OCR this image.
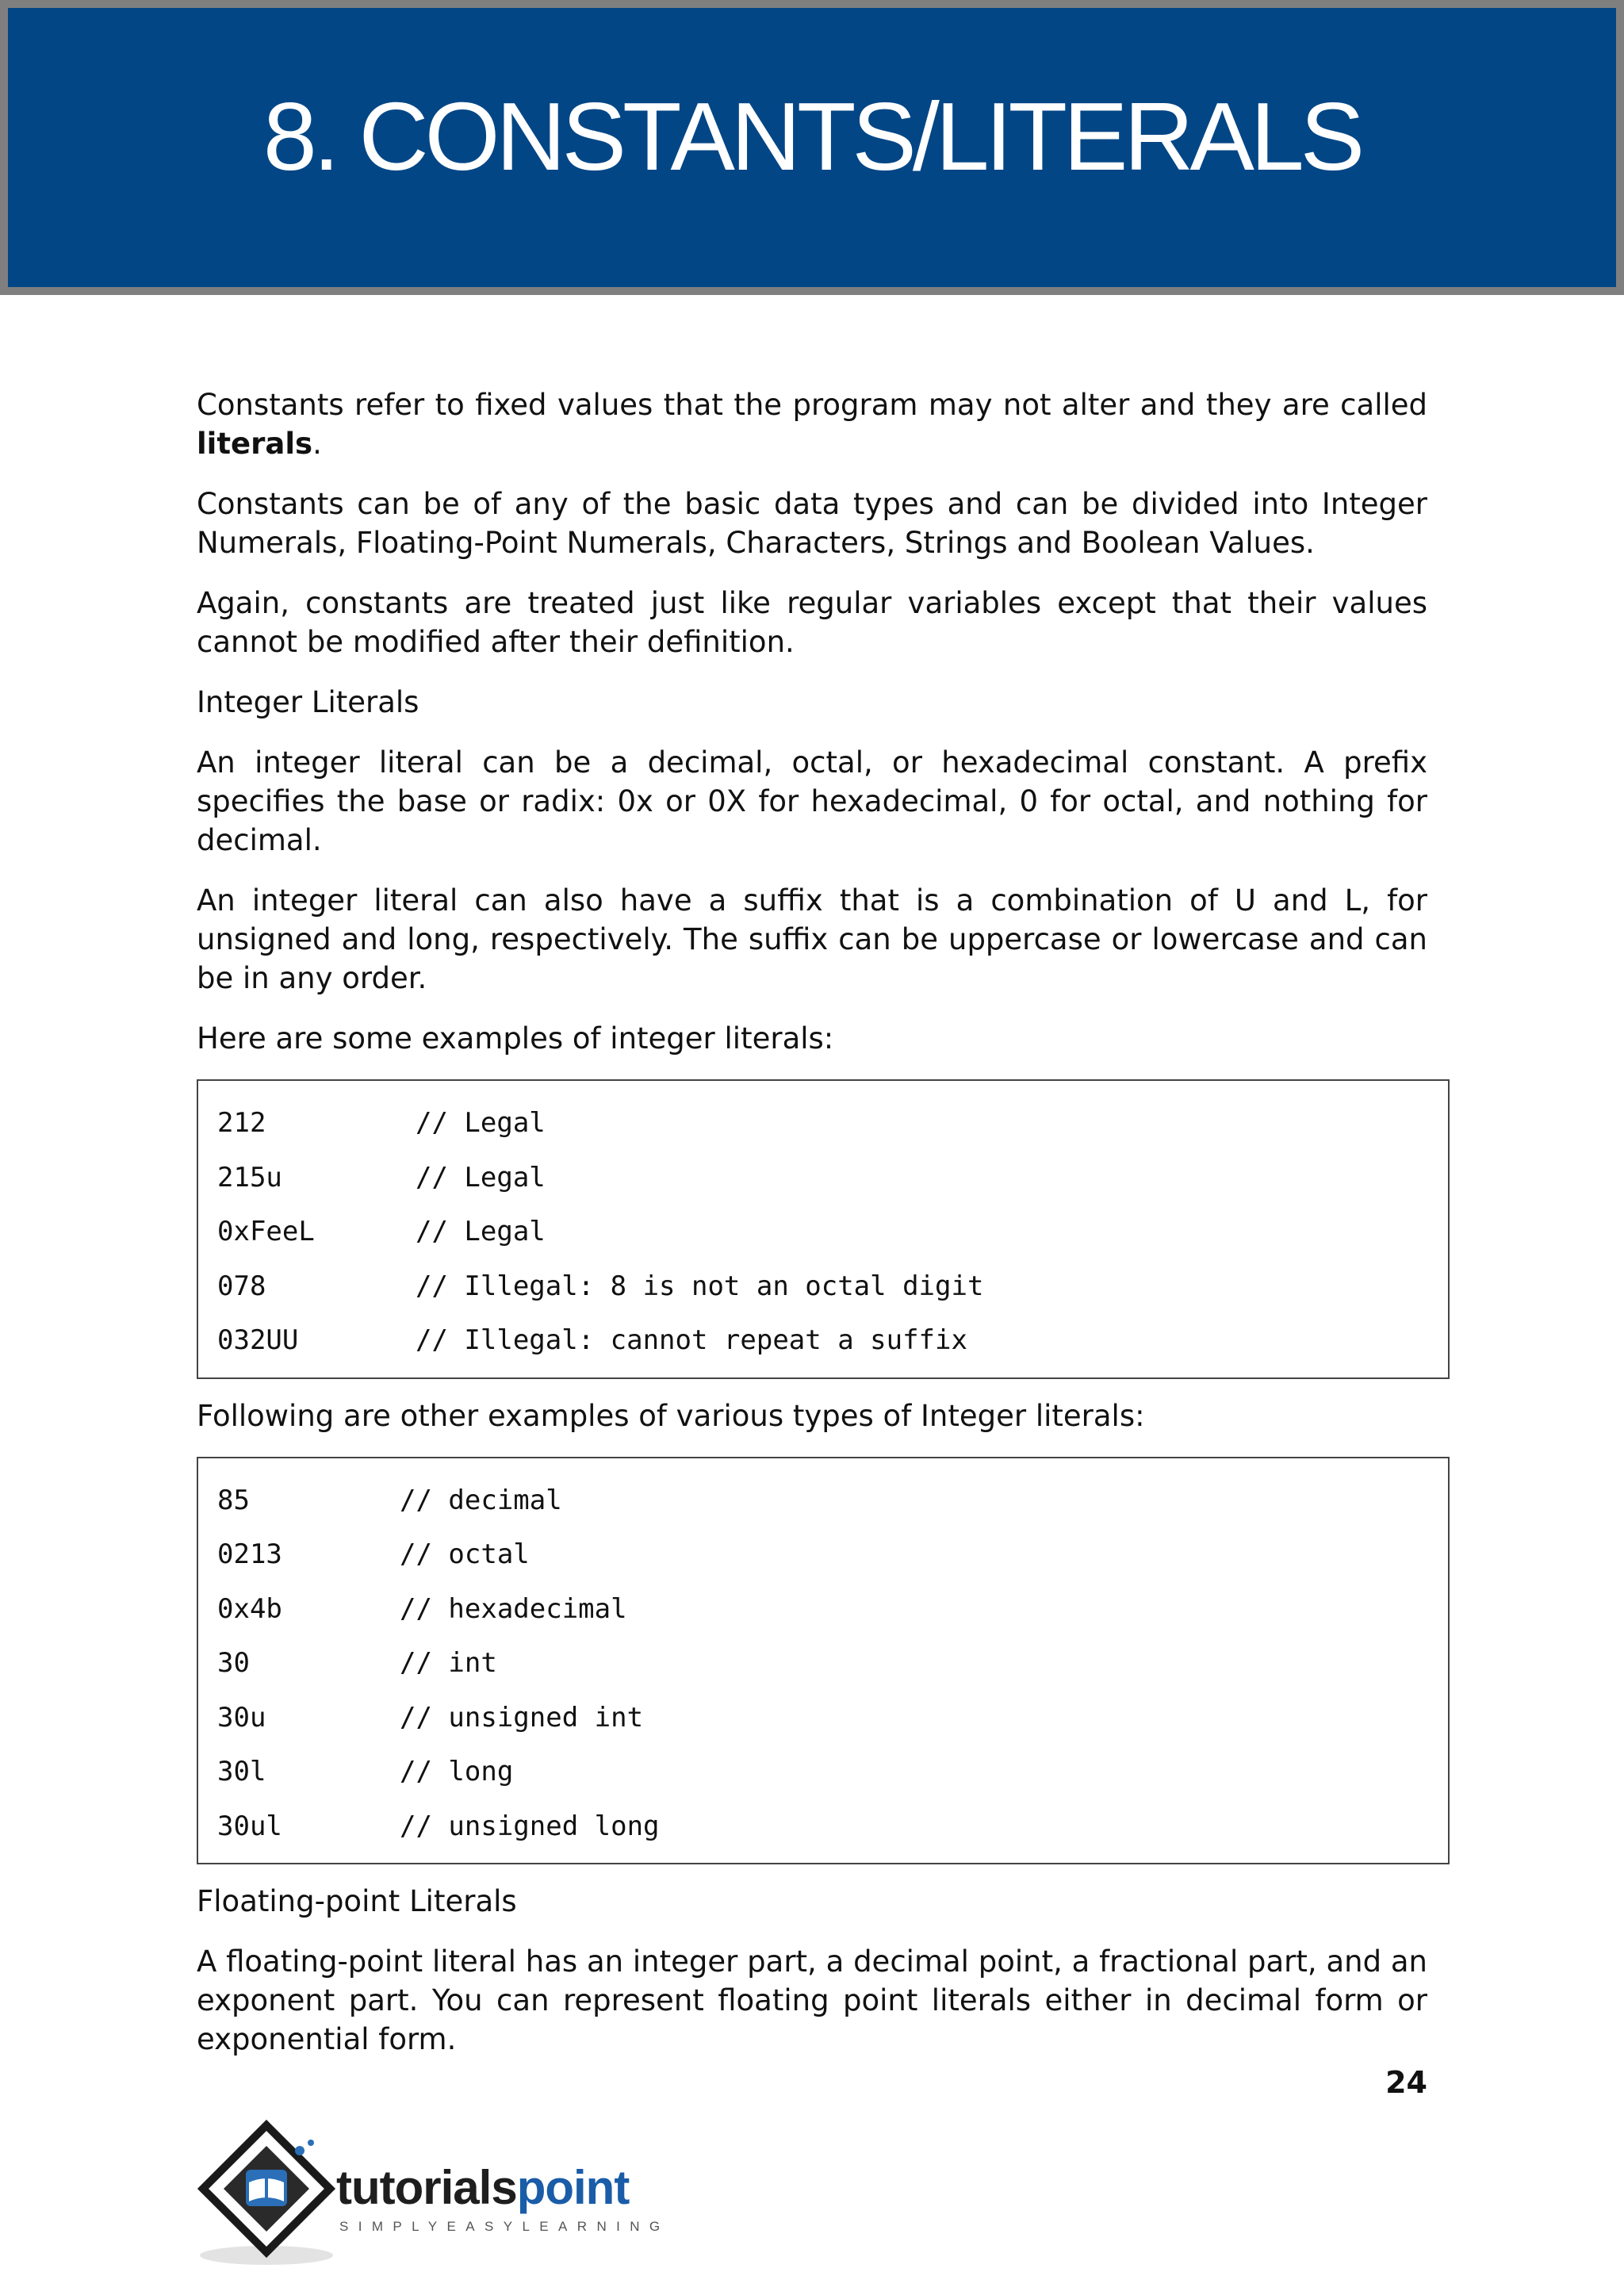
8. CONSTANTS/LITERALS

Constants refer to fixed values that the program may not alter and they are called literals.

Constants can be of any of the basic data types and can be divided into Integer Numerals, Floating-Point Numerals, Characters, Strings and Boolean Values.

Again, constants are treated just like regular variables except that their values cannot be modified after their definition.

Integer Literals

An integer literal can be a decimal, octal, or hexadecimal constant. A prefix specifies the base or radix: 0x or 0X for hexadecimal, 0 for octal, and nothing for decimal.

An integer literal can also have a suffix that is a combination of U and L, for unsigned and long, respectively. The suffix can be uppercase or lowercase and can be in any order.

Here are some examples of integer literals:

212	// Legal
215u	// Legal
0xFeeL	// Legal
078	// Illegal: 8 is not an octal digit
032UU	// Illegal: cannot repeat a suffix

Following are other examples of various types of Integer literals:

85	// decimal
0213	// octal
0x4b	// hexadecimal
30	// int
30u	// unsigned int
30l	// long
30ul	// unsigned long

Floating-point Literals

A floating-point literal has an integer part, a decimal point, a fractional part, and an exponent part. You can represent floating point literals either in decimal form or exponential form.

24
tutorialspoint
SIMPLYEASYLEARNING
